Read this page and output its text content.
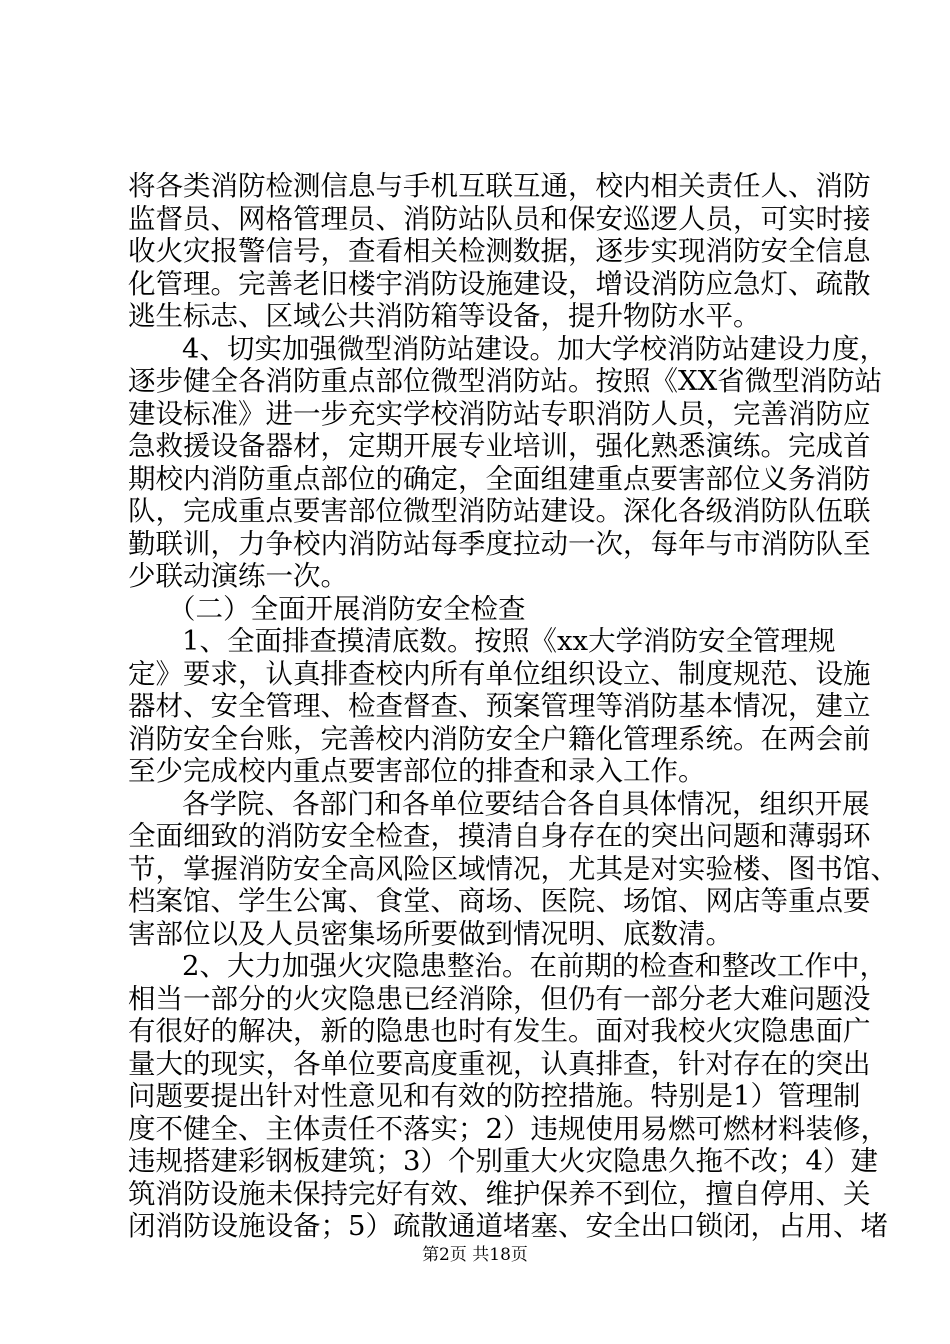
将各类消防检测信息与手机互联互通，校内相关责任人、消防
监督员、网格管理员、消防站队员和保安巡逻人员，可实时接
收火灾报警信号，查看相关检测数据，逐步实现消防安全信息
化管理。完善老旧楼宇消防设施建设，增设消防应急灯、疏散
逃生标志、区域公共消防箱等设备，提升物防水平。
4、切实加强微型消防站建设。加大学校消防站建设力度，
逐步健全各消防重点部位微型消防站。按照《XX省微型消防站
建设标准》进一步充实学校消防站专职消防人员，完善消防应
急救援设备器材，定期开展专业培训，强化熟悉演练。完成首
期校内消防重点部位的确定，全面组建重点要害部位义务消防
队，完成重点要害部位微型消防站建设。深化各级消防队伍联
勤联训，力争校内消防站每季度拉动一次，每年与市消防队至
少联动演练一次。
（二）全面开展消防安全检查
1、全面排查摸清底数。按照《xx大学消防安全管理规
定》要求，认真排查校内所有单位组织设立、制度规范、设施
器材、安全管理、检查督查、预案管理等消防基本情况，建立
消防安全台账，完善校内消防安全户籍化管理系统。在两会前
至少完成校内重点要害部位的排查和录入工作。
各学院、各部门和各单位要结合各自具体情况，组织开展
全面细致的消防安全检查，摸清自身存在的突出问题和薄弱环
节，掌握消防安全高风险区域情况，尤其是对实验楼、图书馆、
档案馆、学生公寓、食堂、商场、医院、场馆、网店等重点要
害部位以及人员密集场所要做到情况明、底数清。
2、大力加强火灾隐患整治。在前期的检查和整改工作中，
相当一部分的火灾隐患已经消除，但仍有一部分老大难问题没
有很好的解决，新的隐患也时有发生。面对我校火灾隐患面广
量大的现实，各单位要高度重视，认真排查，针对存在的突出
问题要提出针对性意见和有效的防控措施。特别是1）管理制
度不健全、主体责任不落实；2）违规使用易燃可燃材料装修，
违规搭建彩钢板建筑；3）个别重大火灾隐患久拖不改；4）建
筑消防设施未保持完好有效、维护保养不到位，擅自停用、关
闭消防设施设备；5）疏散通道堵塞、安全出口锁闭，占用、堵
第2页 共18页
